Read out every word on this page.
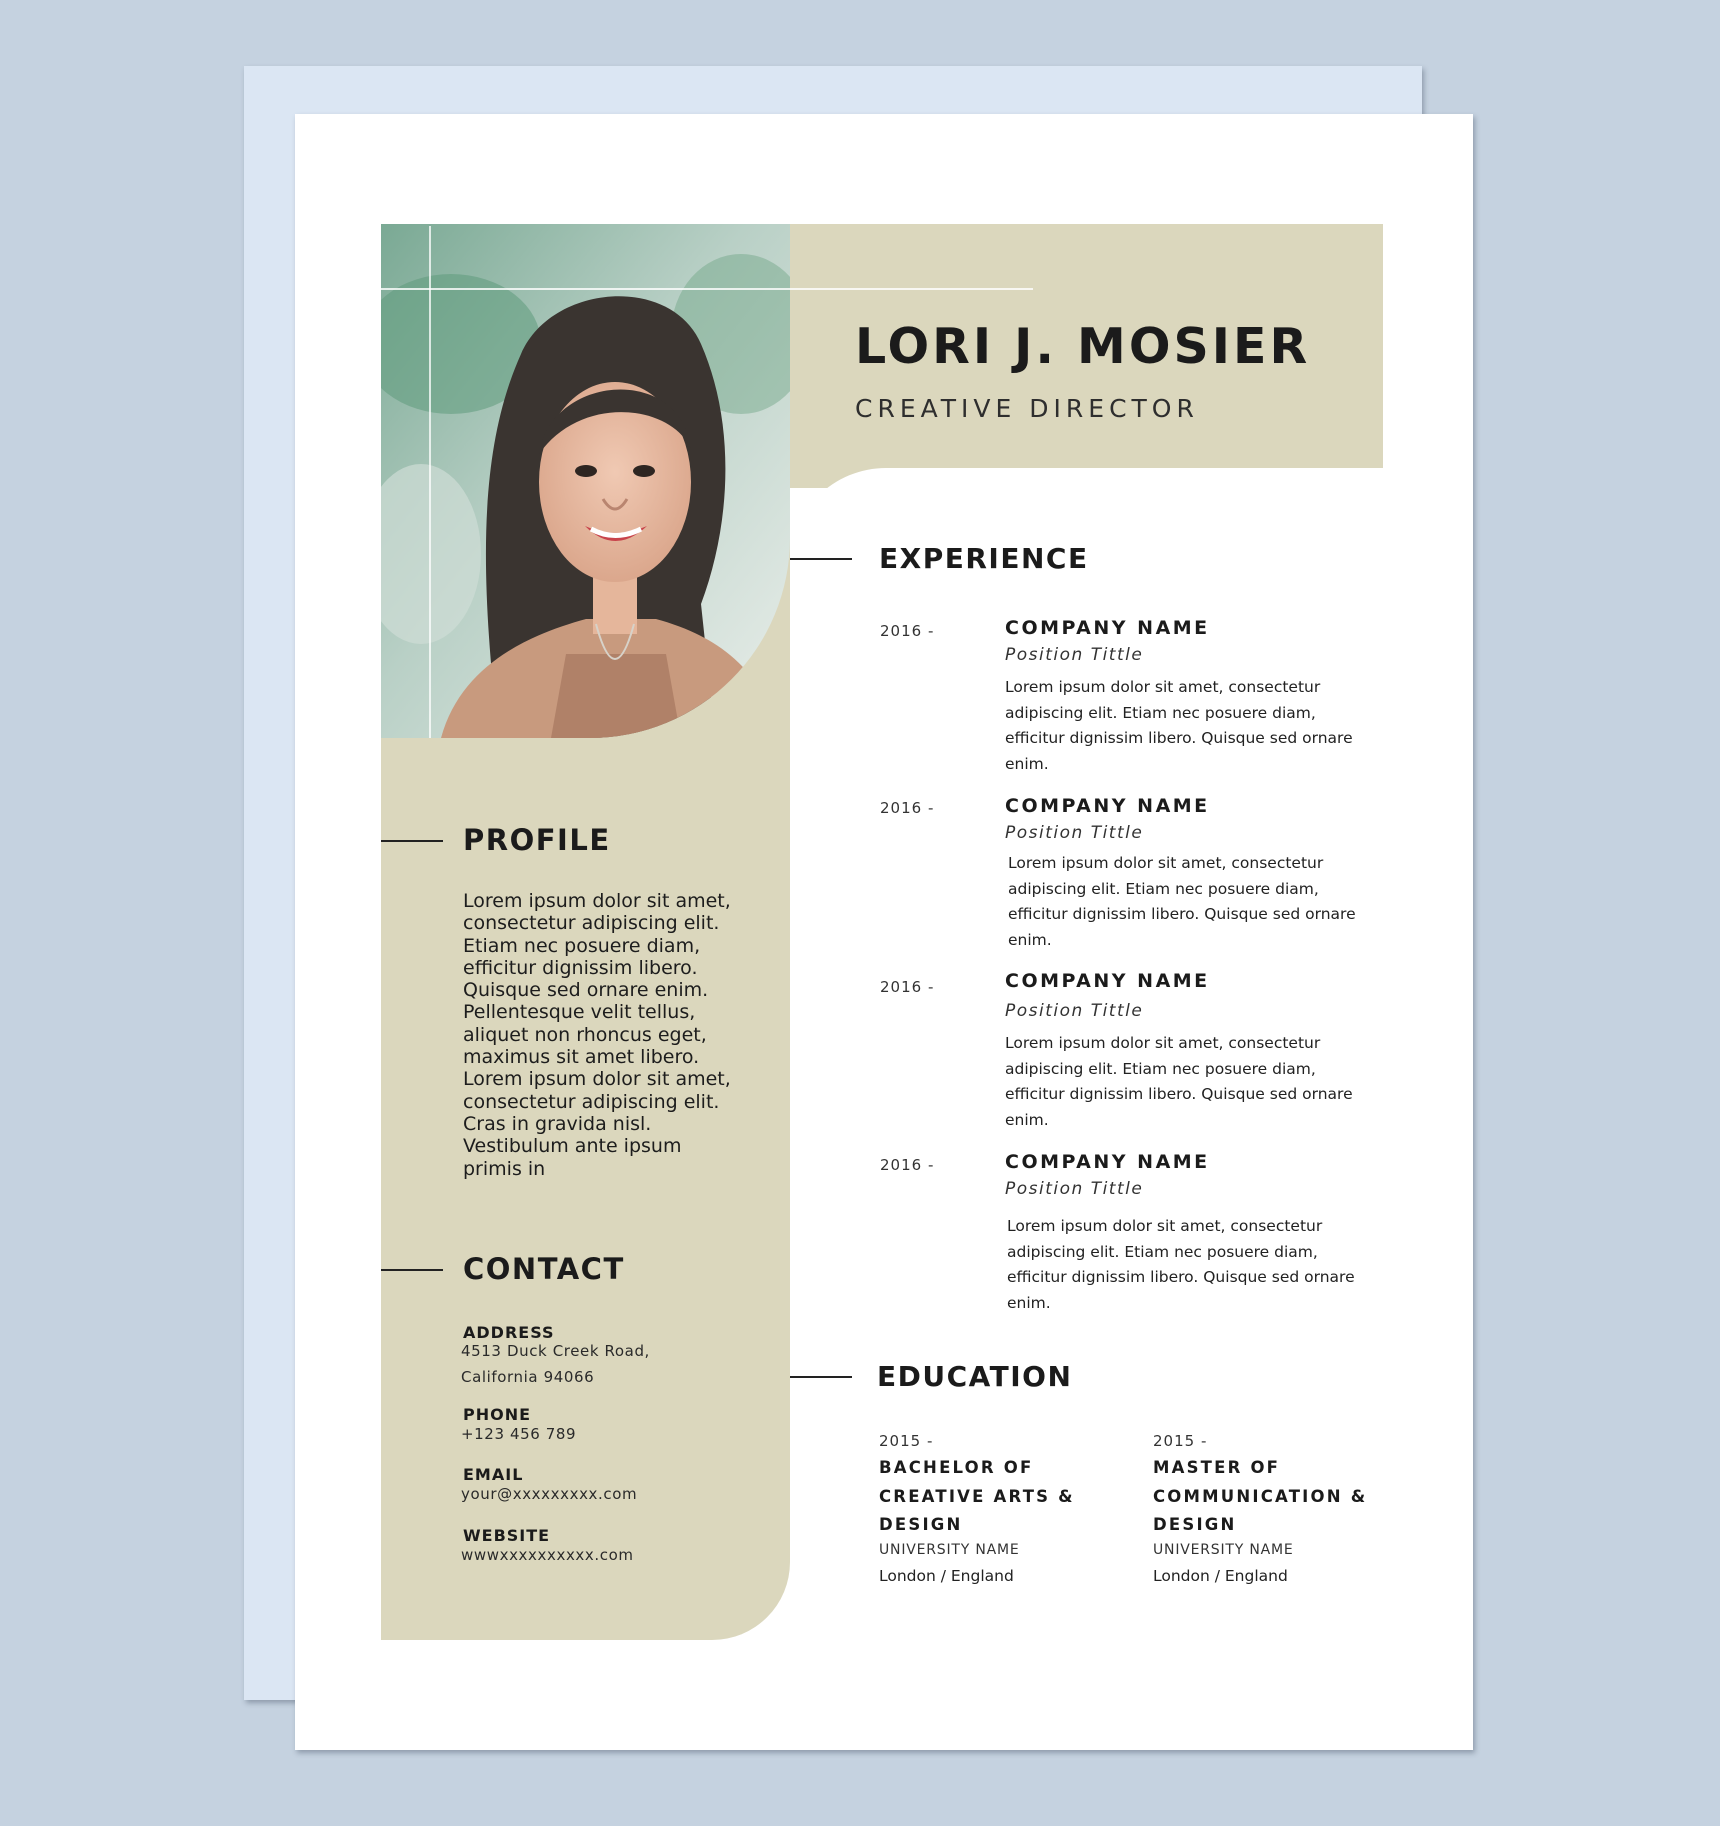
LORI J. MOSIER
CREATIVE DIRECTOR
PROFILE
Lorem ipsum dolor sit amet, consectetur adipiscing elit. Etiam nec posuere diam, efficitur dignissim libero. Quisque sed ornare enim. Pellentesque velit tellus, aliquet non rhoncus eget, maximus sit amet libero. Lorem ipsum dolor sit amet, consectetur adipiscing elit. Cras in gravida nisl. Vestibulum ante ipsum primis in
CONTACT
ADDRESS
4513 Duck Creek Road,
California 94066
PHONE
+123 456 789
EMAIL
your@xxxxxxxxx.com
WEBSITE
wwwxxxxxxxxxx.com
EXPERIENCE
2016 -	COMPANY NAME
Position Tittle
Lorem ipsum dolor sit amet, consectetur adipiscing elit. Etiam nec posuere diam, efficitur dignissim libero. Quisque sed ornare enim.
2016 -	COMPANY NAME
Position Tittle
Lorem ipsum dolor sit amet, consectetur adipiscing elit. Etiam nec posuere diam, efficitur dignissim libero. Quisque sed ornare enim.
2016 -	COMPANY NAME
Position Tittle
Lorem ipsum dolor sit amet, consectetur adipiscing elit. Etiam nec posuere diam, efficitur dignissim libero. Quisque sed ornare enim.
2016 -	COMPANY NAME
Position Tittle
Lorem ipsum dolor sit amet, consectetur adipiscing elit. Etiam nec posuere diam, efficitur dignissim libero. Quisque sed ornare enim.
EDUCATION
2015 -
BACHELOR OF CREATIVE ARTS & DESIGN
UNIVERSITY NAME
London / England
2015 -
MASTER OF COMMUNICATION & DESIGN
UNIVERSITY NAME
London / England
